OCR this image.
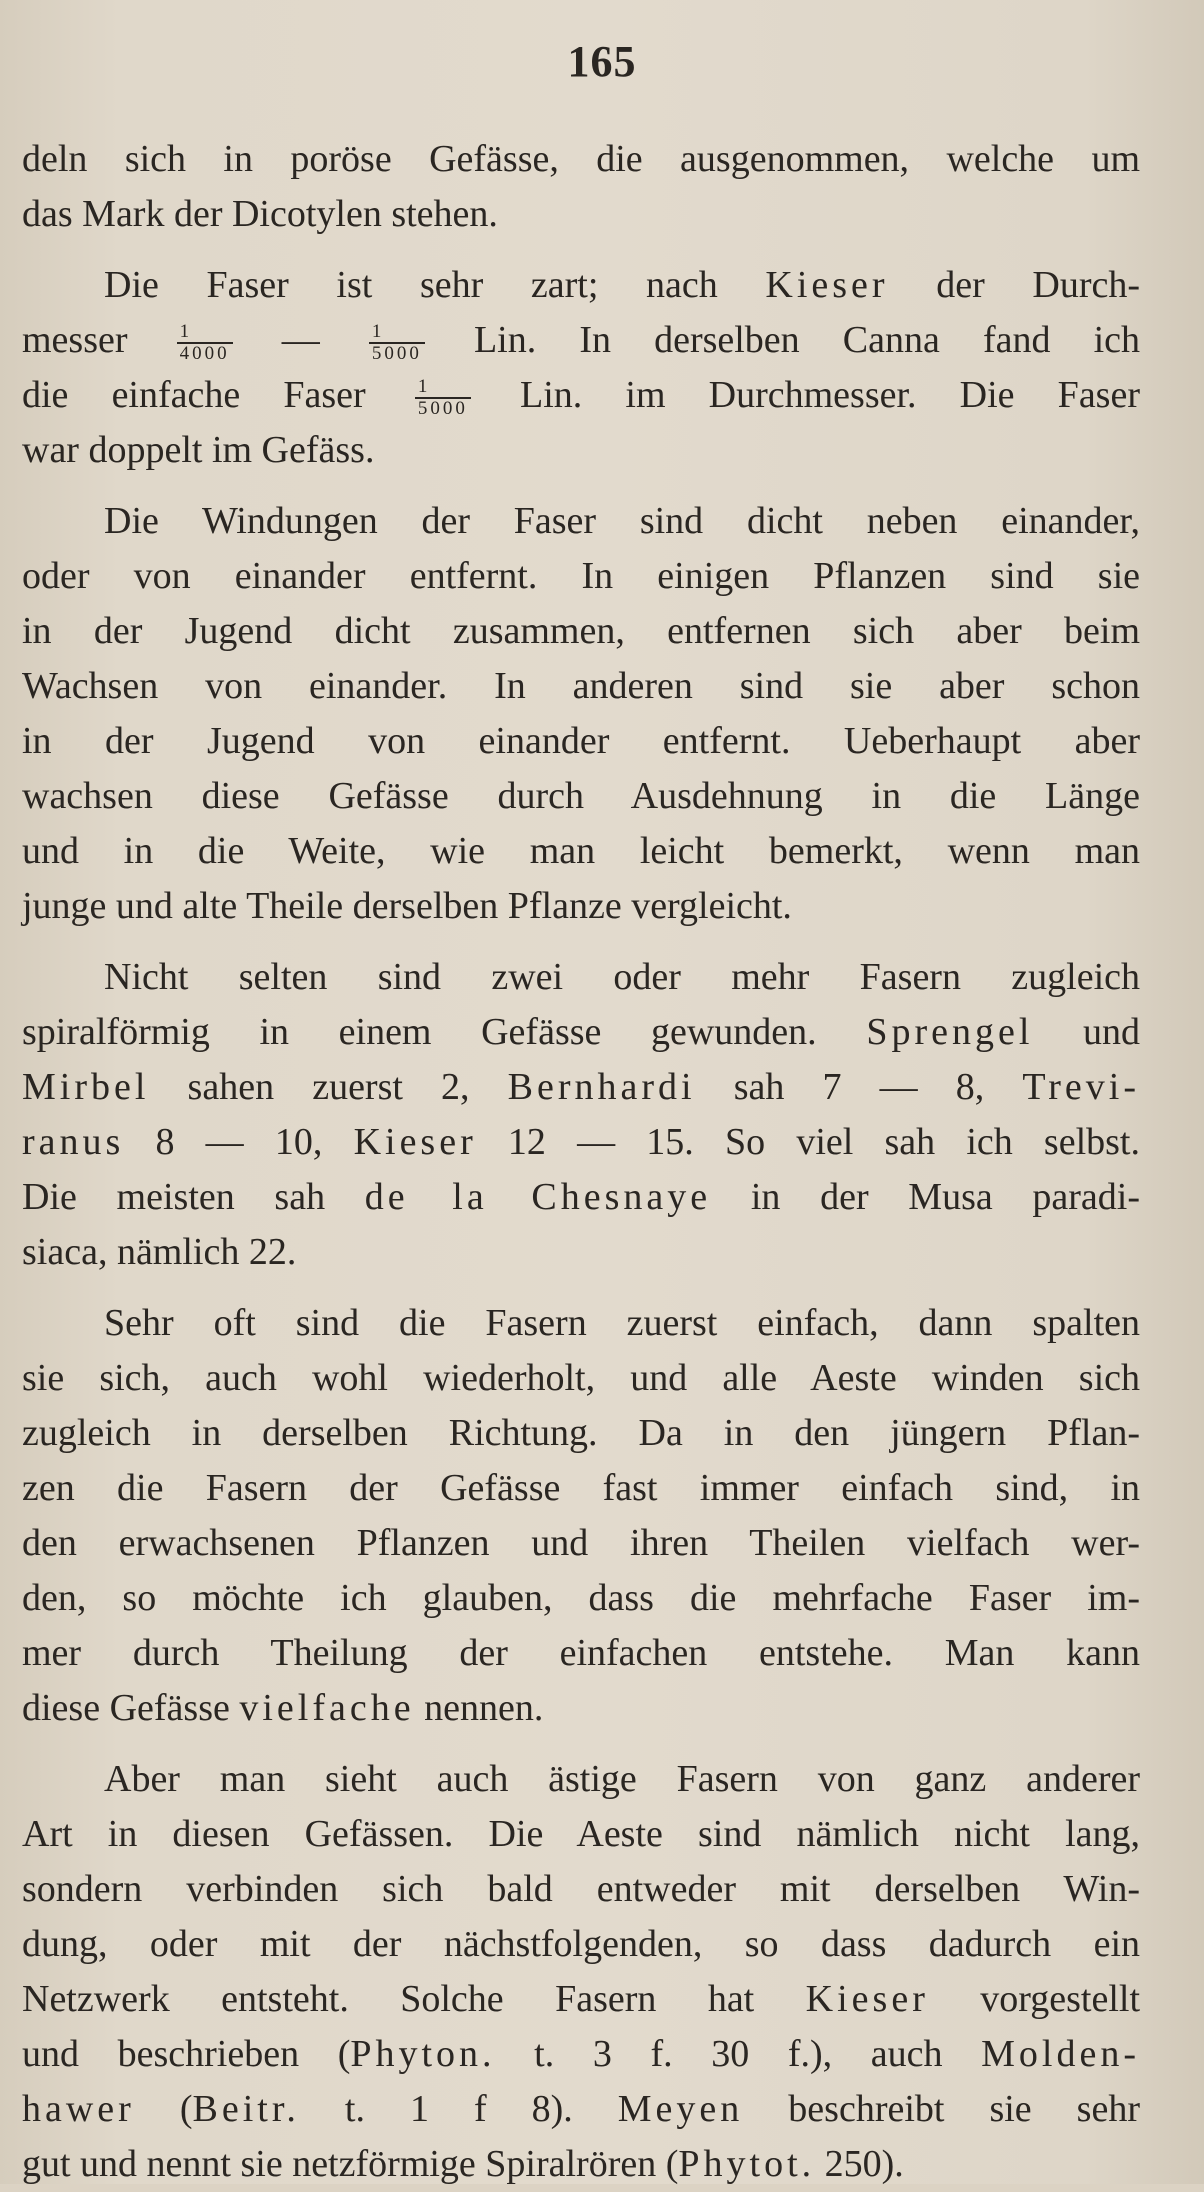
165
deln sich in poröse Gefässe, die ausgenommen, welche um
das Mark der Dicotylen stehen.
Die Faser ist sehr zart; nach Kieser der Durch-
messer $\frac{1}{4000}$ — $\frac{1}{5000}$ Lin. In derselben Canna fand ich
die einfache Faser $\frac{1}{5000}$ Lin. im Durchmesser. Die Faser
war doppelt im Gefäss.
Die Windungen der Faser sind dicht neben einander,
oder von einander entfernt. In einigen Pflanzen sind sie
in der Jugend dicht zusammen, entfernen sich aber beim
Wachsen von einander. In anderen sind sie aber schon
in der Jugend von einander entfernt. Ueberhaupt aber
wachsen diese Gefässe durch Ausdehnung in die Länge
und in die Weite, wie man leicht bemerkt, wenn man
junge und alte Theile derselben Pflanze vergleicht.
Nicht selten sind zwei oder mehr Fasern zugleich
spiralförmig in einem Gefässe gewunden. Sprengel und
Mirbel sahen zuerst 2, Bernhardi sah 7 — 8, Trevi-
ranus 8 — 10, Kieser 12 — 15. So viel sah ich selbst.
Die meisten sah de la Chesnaye in der Musa paradi-
siaca, nämlich 22.
Sehr oft sind die Fasern zuerst einfach, dann spalten
sie sich, auch wohl wiederholt, und alle Aeste winden sich
zugleich in derselben Richtung. Da in den jüngern Pflan-
zen die Fasern der Gefässe fast immer einfach sind, in
den erwachsenen Pflanzen und ihren Theilen vielfach wer-
den, so möchte ich glauben, dass die mehrfache Faser im-
mer durch Theilung der einfachen entstehe. Man kann
diese Gefässe vielfache nennen.
Aber man sieht auch ästige Fasern von ganz anderer
Art in diesen Gefässen. Die Aeste sind nämlich nicht lang,
sondern verbinden sich bald entweder mit derselben Win-
dung, oder mit der nächstfolgenden, so dass dadurch ein
Netzwerk entsteht. Solche Fasern hat Kieser vorgestellt
und beschrieben (Phyton. t. 3 f. 30 f.), auch Molden-
hawer (Beitr. t. 1 f 8). Meyen beschreibt sie sehr
gut und nennt sie netzförmige Spiralrören (Phytot. 250).
